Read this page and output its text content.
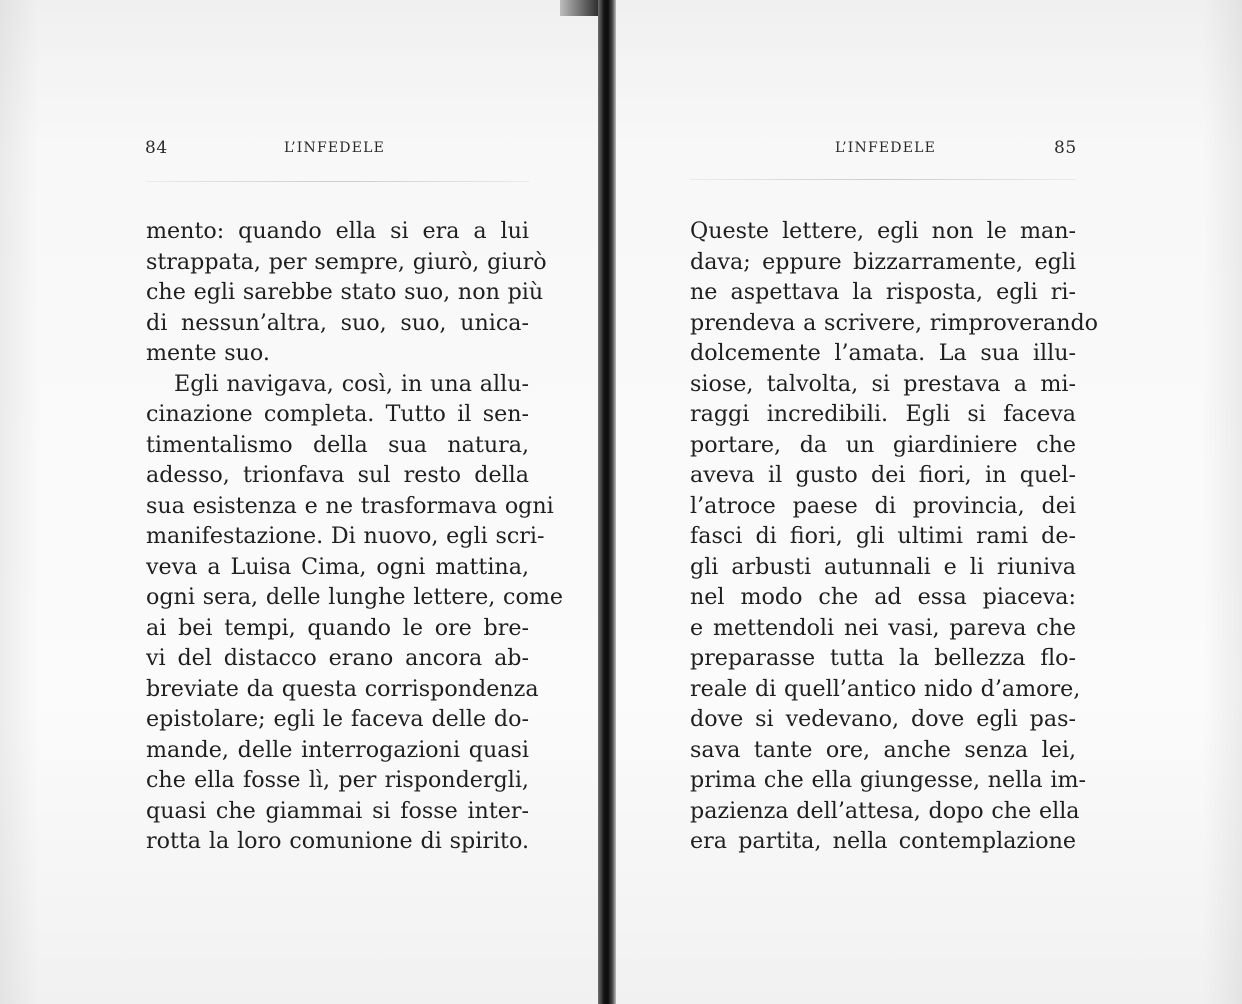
84	L’INFEDELE
mento: quando ella si era a lui
strappata, per sempre, giurò, giurò
che egli sarebbe stato suo, non più
di nessun’altra, suo, suo, unica-
mente suo.
Egli navigava, così, in una allu-
cinazione completa. Tutto il sen-
timentalismo della sua natura,
adesso, trionfava sul resto della
sua esistenza e ne trasformava ogni
manifestazione. Di nuovo, egli scri-
veva a Luisa Cima, ogni mattina,
ogni sera, delle lunghe lettere, come
ai bei tempi, quando le ore bre-
vi del distacco erano ancora ab-
breviate da questa corrispondenza
epistolare; egli le faceva delle do-
mande, delle interrogazioni quasi
che ella fosse lì, per rispondergli,
quasi che giammai si fosse inter-
rotta la loro comunione di spirito.
L’INFEDELE	85
Queste lettere, egli non le man-
dava; eppure bizzarramente, egli
ne aspettava la risposta, egli ri-
prendeva a scrivere, rimproverando
dolcemente l’amata. La sua illu-
siose, talvolta, si prestava a mi-
raggi incredibili. Egli si faceva
portare, da un giardiniere che
aveva il gusto dei fiori, in quel-
l’atroce paese di provincia, dei
fasci di fiori, gli ultimi rami de-
gli arbusti autunnali e li riuniva
nel modo che ad essa piaceva:
e mettendoli nei vasi, pareva che
preparasse tutta la bellezza flo-
reale di quell’antico nido d’amore,
dove si vedevano, dove egli pas-
sava tante ore, anche senza lei,
prima che ella giungesse, nella im-
pazienza dell’attesa, dopo che ella
era partita, nella contemplazione
